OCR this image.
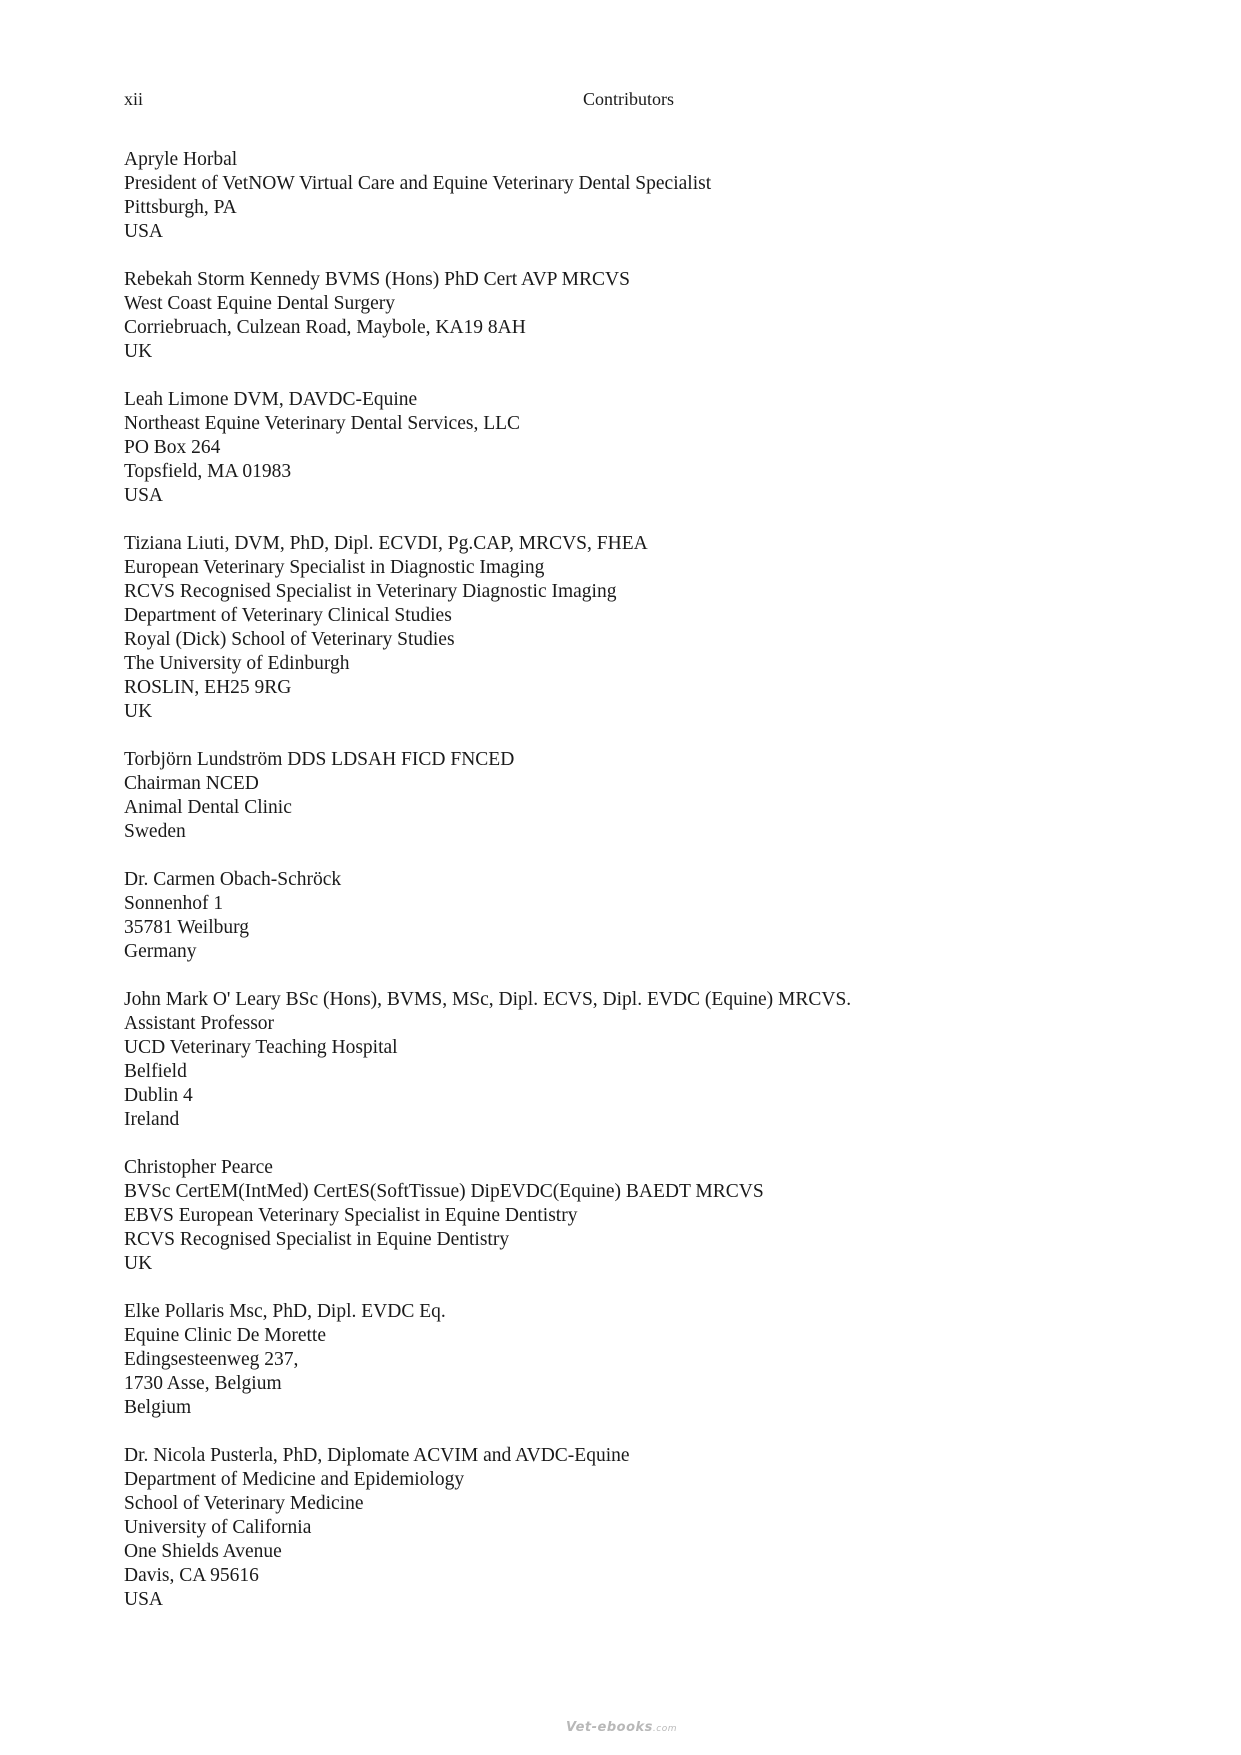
xii	Contributors
Apryle Horbal
President of VetNOW Virtual Care and Equine Veterinary Dental Specialist
Pittsburgh, PA
USA
Rebekah Storm Kennedy BVMS (Hons) PhD Cert AVP MRCVS
West Coast Equine Dental Surgery
Corriebruach, Culzean Road, Maybole, KA19 8AH
UK
Leah Limone DVM, DAVDC-Equine
Northeast Equine Veterinary Dental Services, LLC
PO Box 264
Topsfield, MA 01983
USA
Tiziana Liuti, DVM, PhD, Dipl. ECVDI, Pg.CAP, MRCVS, FHEA
European Veterinary Specialist in Diagnostic Imaging
RCVS Recognised Specialist in Veterinary Diagnostic Imaging
Department of Veterinary Clinical Studies
Royal (Dick) School of Veterinary Studies
The University of Edinburgh
ROSLIN, EH25 9RG
UK
Torbjörn Lundström DDS LDSAH FICD FNCED
Chairman NCED
Animal Dental Clinic
Sweden
Dr. Carmen Obach-Schröck
Sonnenhof 1
35781 Weilburg
Germany
John Mark O' Leary BSc (Hons), BVMS, MSc, Dipl. ECVS, Dipl. EVDC (Equine) MRCVS.
Assistant Professor
UCD Veterinary Teaching Hospital
Belfield
Dublin 4
Ireland
Christopher Pearce
BVSc CertEM(IntMed) CertES(SoftTissue) DipEVDC(Equine) BAEDT MRCVS
EBVS European Veterinary Specialist in Equine Dentistry
RCVS Recognised Specialist in Equine Dentistry
UK
Elke Pollaris Msc, PhD, Dipl. EVDC Eq.
Equine Clinic De Morette
Edingsesteenweg 237,
1730 Asse, Belgium
Belgium
Dr. Nicola Pusterla, PhD, Diplomate ACVIM and AVDC-Equine
Department of Medicine and Epidemiology
School of Veterinary Medicine
University of California
One Shields Avenue
Davis, CA 95616
USA
Vet-ebooks.com
